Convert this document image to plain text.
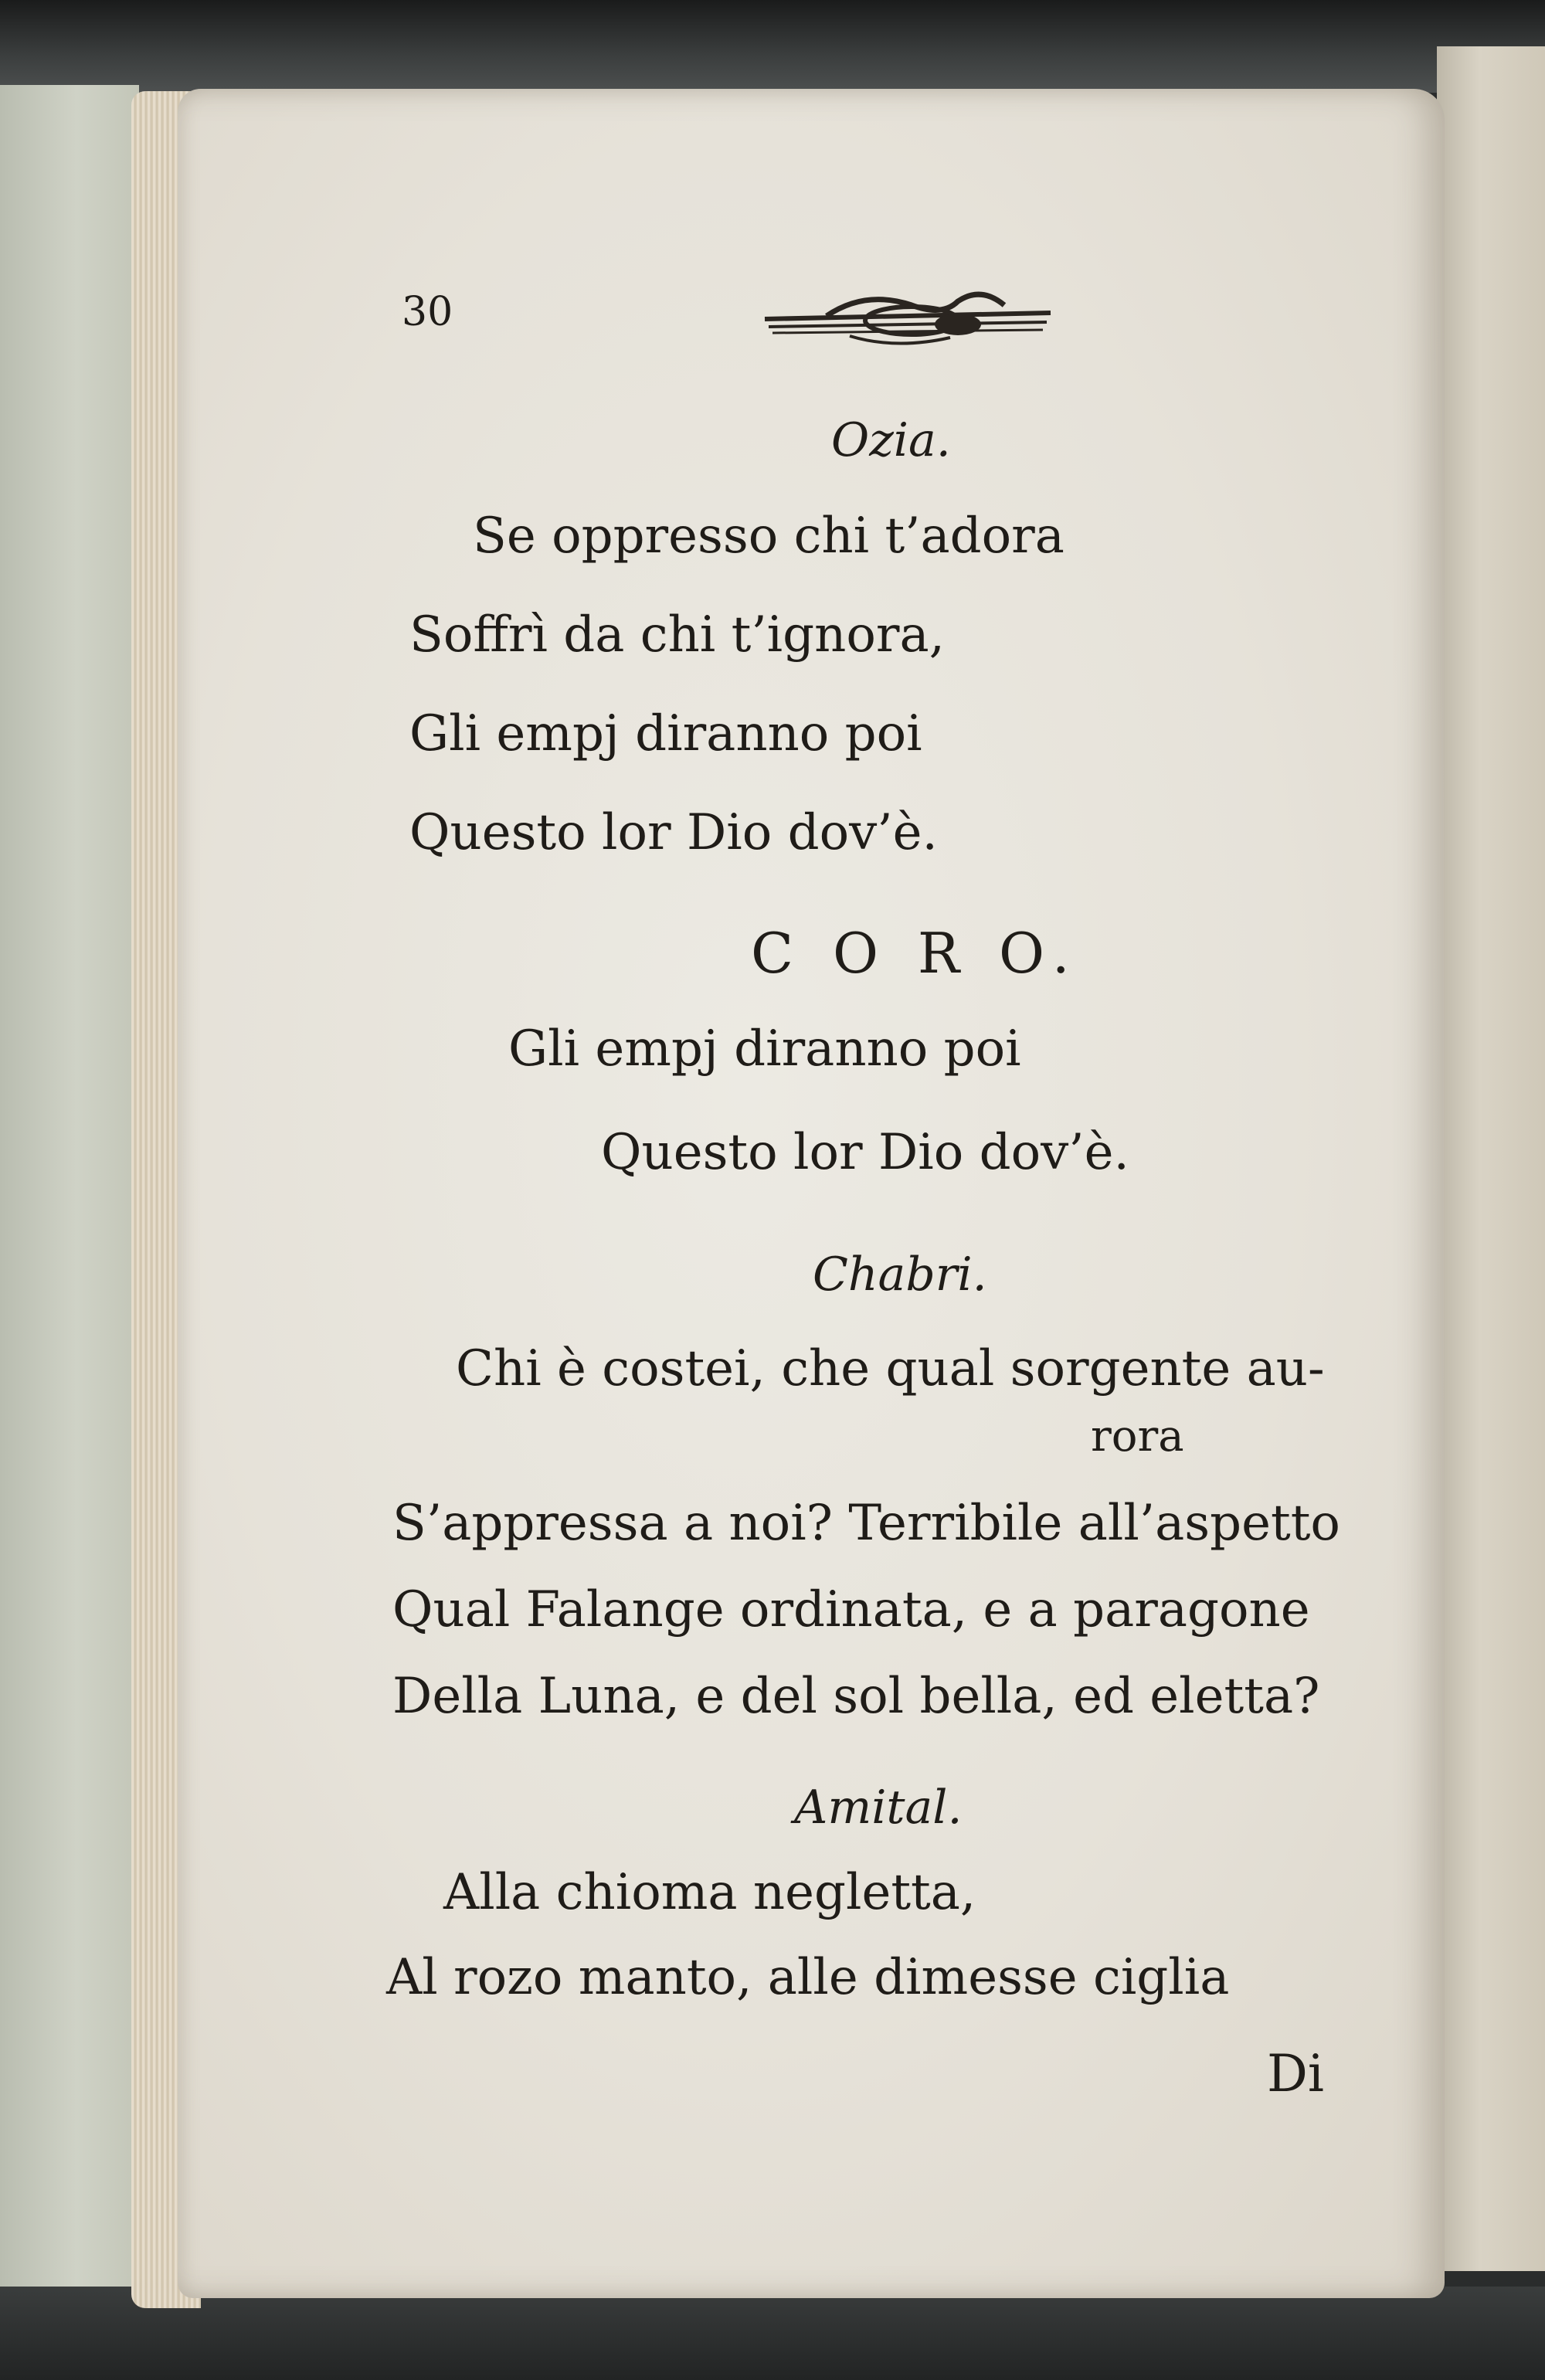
30
Ozia.
Se oppresso chi t’adora
Soffrì da chi t’ignora,
Gli empj diranno poi
Questo lor Dio dov’è.
C O R O.
Gli empj diranno poi
Questo lor Dio dov’è.
Chabri.
Chi è costei, che qual sorgente au-
rora
S’appressa a noi? Terribile all’aspetto
Qual Falange ordinata, e a paragone
Della Luna, e del sol bella, ed eletta?
Amital.
Alla chioma negletta,
Al rozo manto, alle dimesse ciglia
Di
